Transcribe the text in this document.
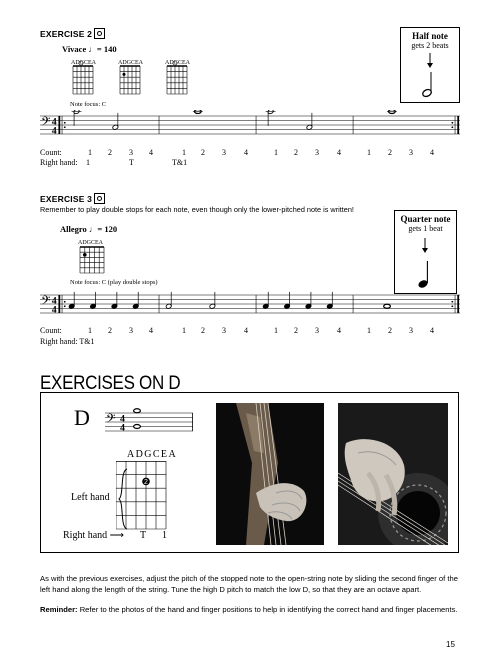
EXERCISE 2
Vivace ♩= 140
ADGCEA	ADGCEA	ADGCEA
Note focus: C
𝄢 4
4
Count:	1 2 3 4	1 2 3 4	1 2 3 4	1 2 3 4
Right hand: 1	T	T&1
Half note
gets 2 beats
EXERCISE 3
Remember to play double stops for each note, even though only the lower-pitched note is written!
Allegro ♩= 120
ADGCEA
Note focus: C (play double stops)
𝄢 4
4
Count:	1 2 3 4	1 2 3 4	1 2 3 4	1 2 3 4
Right hand: T&1
Quarter note
gets 1 beat
EXERCISES ON D
D 𝄢 4
4
ADGCEA
2
Left hand
Right hand ⟶ T 1
As with the previous exercises, adjust the pitch of the stopped note to the open-string note by sliding the second finger of the left hand along the length of the string. Tune the high D pitch to match the low D, so that they are an octave apart.
Reminder: Refer to the photos of the hand and finger positions to help in identifying the correct hand and finger placements.
15
